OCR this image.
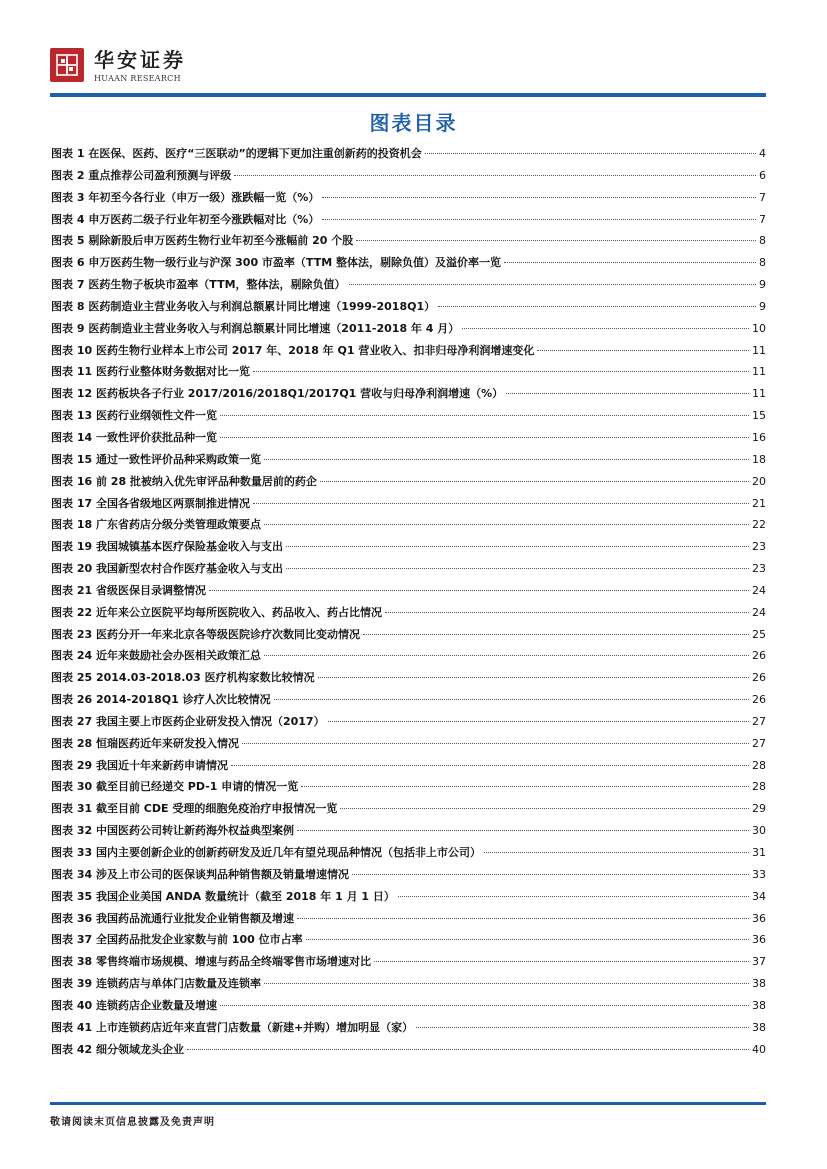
华安证券
HUAAN RESEARCH
图表目录
图表 1 在医保、医药、医疗“三医联动”的逻辑下更加注重创新药的投资机会	4
图表 2 重点推荐公司盈利预测与评级	6
图表 3 年初至今各行业（申万一级）涨跌幅一览（%）	7
图表 4 申万医药二级子行业年初至今涨跌幅对比（%）	7
图表 5 剔除新股后申万医药生物行业年初至今涨幅前 20 个股	8
图表 6 申万医药生物一级行业与沪深 300 市盈率（TTM 整体法，剔除负值）及溢价率一览	8
图表 7 医药生物子板块市盈率（TTM，整体法，剔除负值）	9
图表 8 医药制造业主营业务收入与利润总额累计同比增速（1999-2018Q1）	9
图表 9 医药制造业主营业务收入与利润总额累计同比增速（2011-2018 年 4 月）	10
图表 10 医药生物行业样本上市公司 2017 年、2018 年 Q1 营业收入、扣非归母净利润增速变化	11
图表 11 医药行业整体财务数据对比一览	11
图表 12 医药板块各子行业 2017/2016/2018Q1/2017Q1 营收与归母净利润增速（%）	11
图表 13 医药行业纲领性文件一览	15
图表 14 一致性评价获批品种一览	16
图表 15 通过一致性评价品种采购政策一览	18
图表 16 前 28 批被纳入优先审评品种数量居前的药企	20
图表 17 全国各省级地区两票制推进情况	21
图表 18 广东省药店分级分类管理政策要点	22
图表 19 我国城镇基本医疗保险基金收入与支出	23
图表 20 我国新型农村合作医疗基金收入与支出	23
图表 21 省级医保目录调整情况	24
图表 22 近年来公立医院平均每所医院收入、药品收入、药占比情况	24
图表 23 医药分开一年来北京各等级医院诊疗次数同比变动情况	25
图表 24 近年来鼓励社会办医相关政策汇总	26
图表 25 2014.03-2018.03 医疗机构家数比较情况	26
图表 26 2014-2018Q1 诊疗人次比较情况	26
图表 27 我国主要上市医药企业研发投入情况（2017）	27
图表 28 恒瑞医药近年来研发投入情况	27
图表 29 我国近十年来新药申请情况	28
图表 30 截至目前已经递交 PD-1 申请的情况一览	28
图表 31 截至目前 CDE 受理的细胞免疫治疗申报情况一览	29
图表 32 中国医药公司转让新药海外权益典型案例	30
图表 33 国内主要创新企业的创新药研发及近几年有望兑现品种情况（包括非上市公司）	31
图表 34 涉及上市公司的医保谈判品种销售额及销量增速情况	33
图表 35 我国企业美国 ANDA 数量统计（截至 2018 年 1 月 1 日）	34
图表 36 我国药品流通行业批发企业销售额及增速	36
图表 37 全国药品批发企业家数与前 100 位市占率	36
图表 38 零售终端市场规模、增速与药品全终端零售市场增速对比	37
图表 39 连锁药店与单体门店数量及连锁率	38
图表 40 连锁药店企业数量及增速	38
图表 41 上市连锁药店近年来直营门店数量（新建+并购）增加明显（家）	38
图表 42 细分领域龙头企业	40
敬请阅读末页信息披露及免责声明
